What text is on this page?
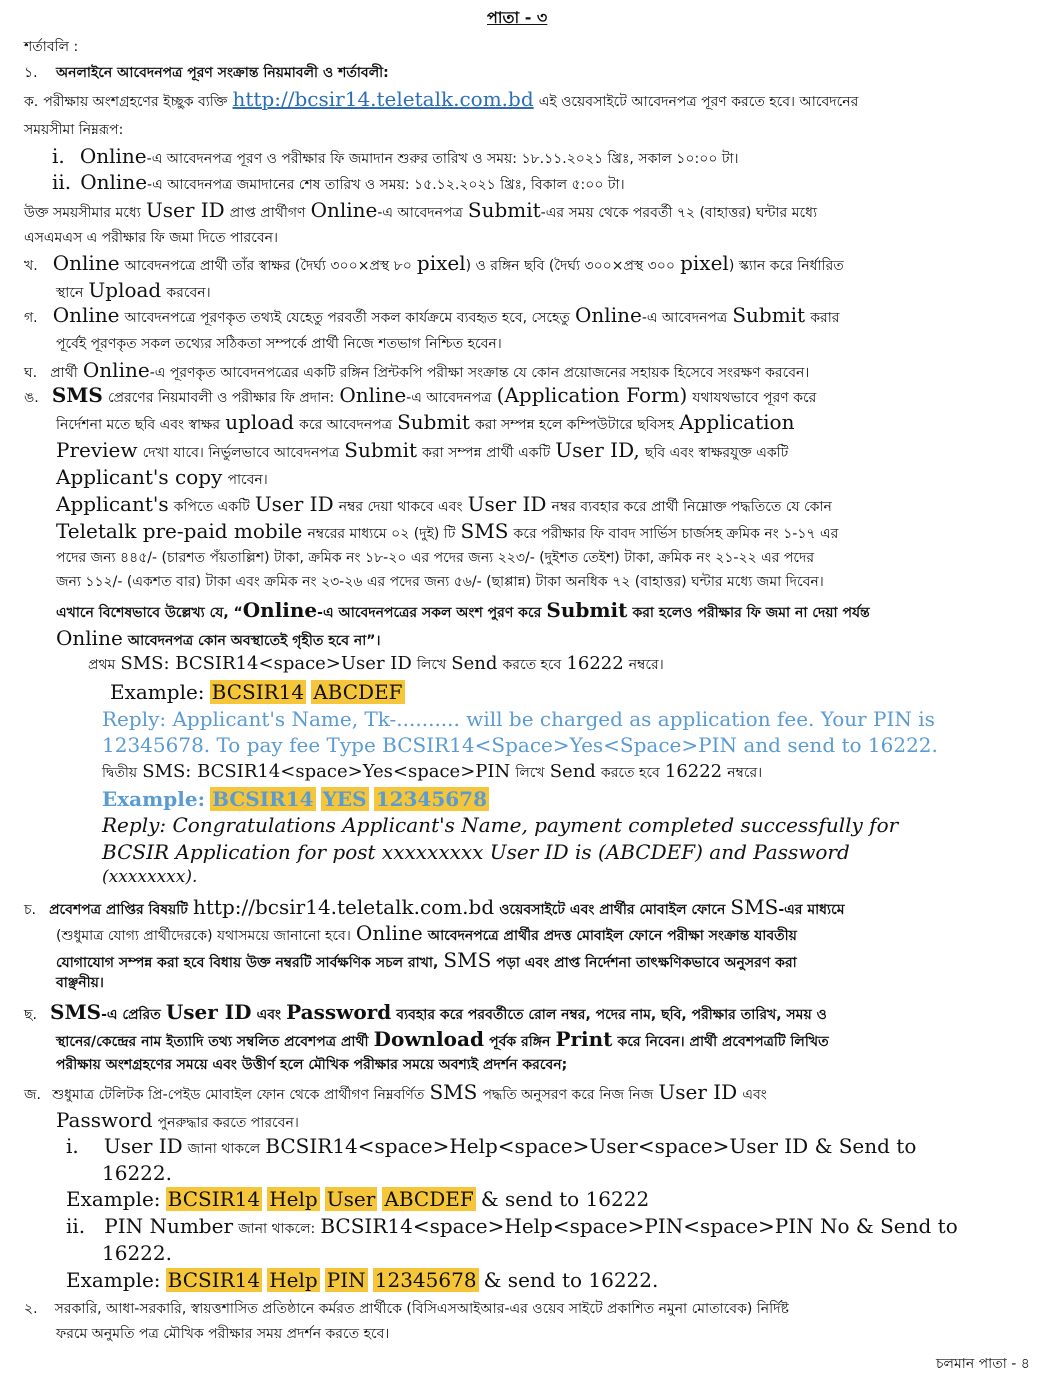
পাতা - ৩
শর্তাবলি :
১. অনলাইনে আবেদনপত্র পূরণ সংক্রান্ত নিয়মাবলী ও শর্তাবলী:
ক. পরীক্ষায় অংশগ্রহণের ইচ্ছুক ব্যক্তি http://bcsir14.teletalk.com.bd এই ওয়েবসাইটে আবেদনপত্র পূরণ করতে হবে। আবেদনের
সময়সীমা নিম্নরূপ:
i. Online-এ আবেদনপত্র পূরণ ও পরীক্ষার ফি জমাদান শুরুর তারিখ ও সময়: ১৮.১১.২০২১ খ্রিঃ, সকাল ১০:০০ টা।
ii. Online-এ আবেদনপত্র জমাদানের শেষ তারিখ ও সময়: ১৫.১২.২০২১ খ্রিঃ, বিকাল ৫:০০ টা।
উক্ত সময়সীমার মধ্যে User ID প্রাপ্ত প্রার্থীগণ Online-এ আবেদনপত্র Submit-এর সময় থেকে পরবর্তী ৭২ (বাহাত্তর) ঘন্টার মধ্যে
এসএমএস এ পরীক্ষার ফি জমা দিতে পারবেন।
খ. Online আবেদনপত্রে প্রার্থী তাঁর স্বাক্ষর (দৈর্ঘ্য ৩০০×প্রস্থ ৮০ pixel) ও রঙ্গিন ছবি (দৈর্ঘ্য ৩০০×প্রস্থ ৩০০ pixel) স্ক্যান করে নির্ধারিত
স্থানে Upload করবেন।
গ. Online আবেদনপত্রে পূরণকৃত তথ্যই যেহেতু পরবর্তী সকল কার্যক্রমে ব্যবহৃত হবে, সেহেতু Online-এ আবেদনপত্র Submit করার
পূর্বেই পূরণকৃত সকল তথ্যের সঠিকতা সম্পর্কে প্রার্থী নিজে শতভাগ নিশ্চিত হবেন।
ঘ. প্রার্থী Online-এ পূরণকৃত আবেদনপত্রের একটি রঙ্গিন প্রিন্টকপি পরীক্ষা সংক্রান্ত যে কোন প্রয়োজনের সহায়ক হিসেবে সংরক্ষণ করবেন।
ঙ. SMS প্রেরণের নিয়মাবলী ও পরীক্ষার ফি প্রদান: Online-এ আবেদনপত্র (Application Form) যথাযথভাবে পূরণ করে
নির্দেশনা মতে ছবি এবং স্বাক্ষর upload করে আবেদনপত্র Submit করা সম্পন্ন হলে কম্পিউটারে ছবিসহ Application
Preview দেখা যাবে। নির্ভুলভাবে আবেদনপত্র Submit করা সম্পন্ন প্রার্থী একটি User ID, ছবি এবং স্বাক্ষরযুক্ত একটি
Applicant's copy পাবেন।
Applicant's কপিতে একটি User ID নম্বর দেয়া থাকবে এবং User ID নম্বর ব্যবহার করে প্রার্থী নিম্নোক্ত পদ্ধতিতে যে কোন
Teletalk pre-paid mobile নম্বরের মাধ্যমে ০২ (দুই) টি SMS করে পরীক্ষার ফি বাবদ সার্ভিস চার্জসহ ক্রমিক নং ১-১৭ এর
পদের জন্য ৪৪৫/- (চারশত পঁয়তাল্লিশ) টাকা, ক্রমিক নং ১৮-২০ এর পদের জন্য ২২৩/- (দুইশত তেইশ) টাকা, ক্রমিক নং ২১-২২ এর পদের
জন্য ১১২/- (একশত বার) টাকা এবং ক্রমিক নং ২৩-২৬ এর পদের জন্য ৫৬/- (ছাপ্পান্ন) টাকা অনধিক ৭২ (বাহাত্তর) ঘন্টার মধ্যে জমা দিবেন।
এখানে বিশেষভাবে উল্লেখ্য যে, “Online-এ আবেদনপত্রের সকল অংশ পুরণ করে Submit করা হলেও পরীক্ষার ফি জমা না দেয়া পর্যন্ত
Online আবেদনপত্র কোন অবস্থাতেই গৃহীত হবে না”।
প্রথম SMS: BCSIR14<space>User ID লিখে Send করতে হবে 16222 নম্বরে।
Example: BCSIR14 ABCDEF
Reply: Applicant's Name, Tk-.......... will be charged as application fee. Your PIN is
12345678. To pay fee Type BCSIR14<Space>Yes<Space>PIN and send to 16222.
দ্বিতীয় SMS: BCSIR14<space>Yes<space>PIN লিখে Send করতে হবে 16222 নম্বরে।
Example: BCSIR14 YES 12345678
Reply: Congratulations Applicant's Name, payment completed successfully for
BCSIR Application for post xxxxxxxxx User ID is (ABCDEF) and Password
(xxxxxxxx).
চ. প্রবেশপত্র প্রাপ্তির বিষয়টি http://bcsir14.teletalk.com.bd ওয়েবসাইটে এবং প্রার্থীর মোবাইল ফোনে SMS-এর মাধ্যমে
(শুধুমাত্র যোগ্য প্রার্থীদেরকে) যথাসময়ে জানানো হবে। Online আবেদনপত্রে প্রার্থীর প্রদত্ত মোবাইল ফোনে পরীক্ষা সংক্রান্ত যাবতীয়
যোগাযোগ সম্পন্ন করা হবে বিধায় উক্ত নম্বরটি সার্বক্ষণিক সচল রাখা, SMS পড়া এবং প্রাপ্ত নির্দেশনা তাৎক্ষণিকভাবে অনুসরণ করা
বাঞ্ছনীয়।
ছ. SMS-এ প্রেরিত User ID এবং Password ব্যবহার করে পরবর্তীতে রোল নম্বর, পদের নাম, ছবি, পরীক্ষার তারিখ, সময় ও
স্থানের/কেন্দ্রের নাম ইত্যাদি তথ্য সম্বলিত প্রবেশপত্র প্রার্থী Download পূর্বক রঙ্গিন Print করে নিবেন। প্রার্থী প্রবেশপত্রটি লিখিত
পরীক্ষায় অংশগ্রহণের সময়ে এবং উত্তীর্ণ হলে মৌখিক পরীক্ষার সময়ে অবশ্যই প্রদর্শন করবেন;
জ. শুধুমাত্র টেলিটক প্রি-পেইড মোবাইল ফোন থেকে প্রার্থীগণ নিম্নবর্ণিত SMS পদ্ধতি অনুসরণ করে নিজ নিজ User ID এবং
Password পুনরুদ্ধার করতে পারবেন।
i. User ID জানা থাকলে BCSIR14<space>Help<space>User<space>User ID & Send to
16222.
Example: BCSIR14 Help User ABCDEF & send to 16222
ii. PIN Number জানা থাকলে: BCSIR14<space>Help<space>PIN<space>PIN No & Send to
16222.
Example: BCSIR14 Help PIN 12345678 & send to 16222.
২. সরকারি, আধা-সরকারি, স্বায়ত্তশাসিত প্রতিষ্ঠানে কর্মরত প্রার্থীকে (বিসিএসআইআর-এর ওয়েব সাইটে প্রকাশিত নমুনা মোতাবেক) নির্দিষ্ট
ফরমে অনুমতি পত্র মৌখিক পরীক্ষার সময় প্রদর্শন করতে হবে।
চলমান পাতা - ৪
